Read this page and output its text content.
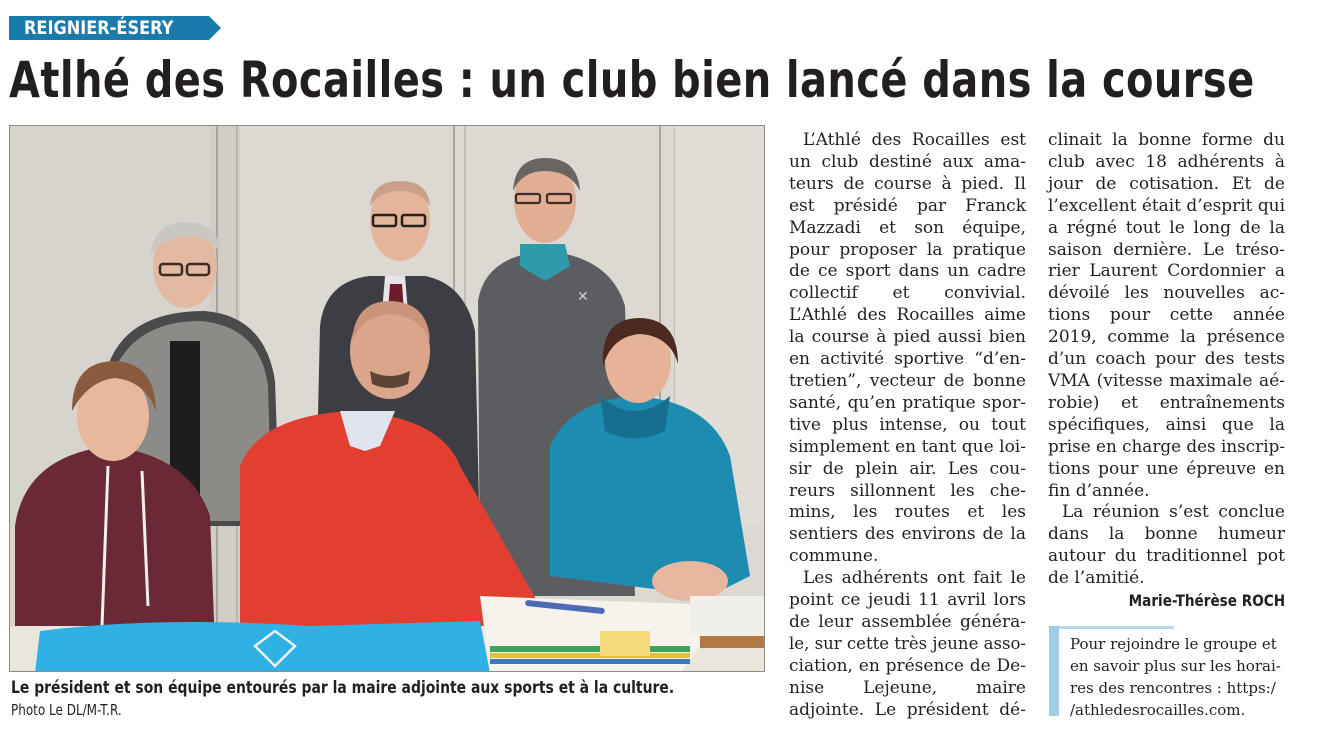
REIGNIER-ÉSERY
Atlhé des Rocailles : un club bien lancé dans la course
✕
Le président et son équipe entourés par la maire adjointe aux sports et à la culture.
Photo Le DL/M-T.R.
L’Athlé des Rocailles est
un club destiné aux ama-
teurs de course à pied. Il
est présidé par Franck
Mazzadi et son équipe,
pour proposer la pratique
de ce sport dans un cadre
collectif et convivial.
L’Athlé des Rocailles aime
la course à pied aussi bien
en activité sportive “d’en-
tretien”, vecteur de bonne
santé, qu’en pratique spor-
tive plus intense, ou tout
simplement en tant que loi-
sir de plein air. Les cou-
reurs sillonnent les che-
mins, les routes et les
sentiers des environs de la
commune.
Les adhérents ont fait le
point ce jeudi 11 avril lors
de leur assemblée généra-
le, sur cette très jeune asso-
ciation, en présence de De-
nise Lejeune, maire
adjointe. Le président dé-
clinait la bonne forme du
club avec 18 adhérents à
jour de cotisation. Et de
l’excellent était d’esprit qui
a régné tout le long de la
saison dernière. Le tréso-
rier Laurent Cordonnier a
dévoilé les nouvelles ac-
tions pour cette année
2019, comme la présence
d’un coach pour des tests
VMA (vitesse maximale aé-
robie) et entraînements
spécifiques, ainsi que la
prise en charge des inscrip-
tions pour une épreuve en
fin d’année.
La réunion s’est conclue
dans la bonne humeur
autour du traditionnel pot
de l’amitié.
Marie-Thérèse ROCH
Pour rejoindre le groupe et
en savoir plus sur les horai-
res des rencontres : https:/
/athledesrocailles.com.
